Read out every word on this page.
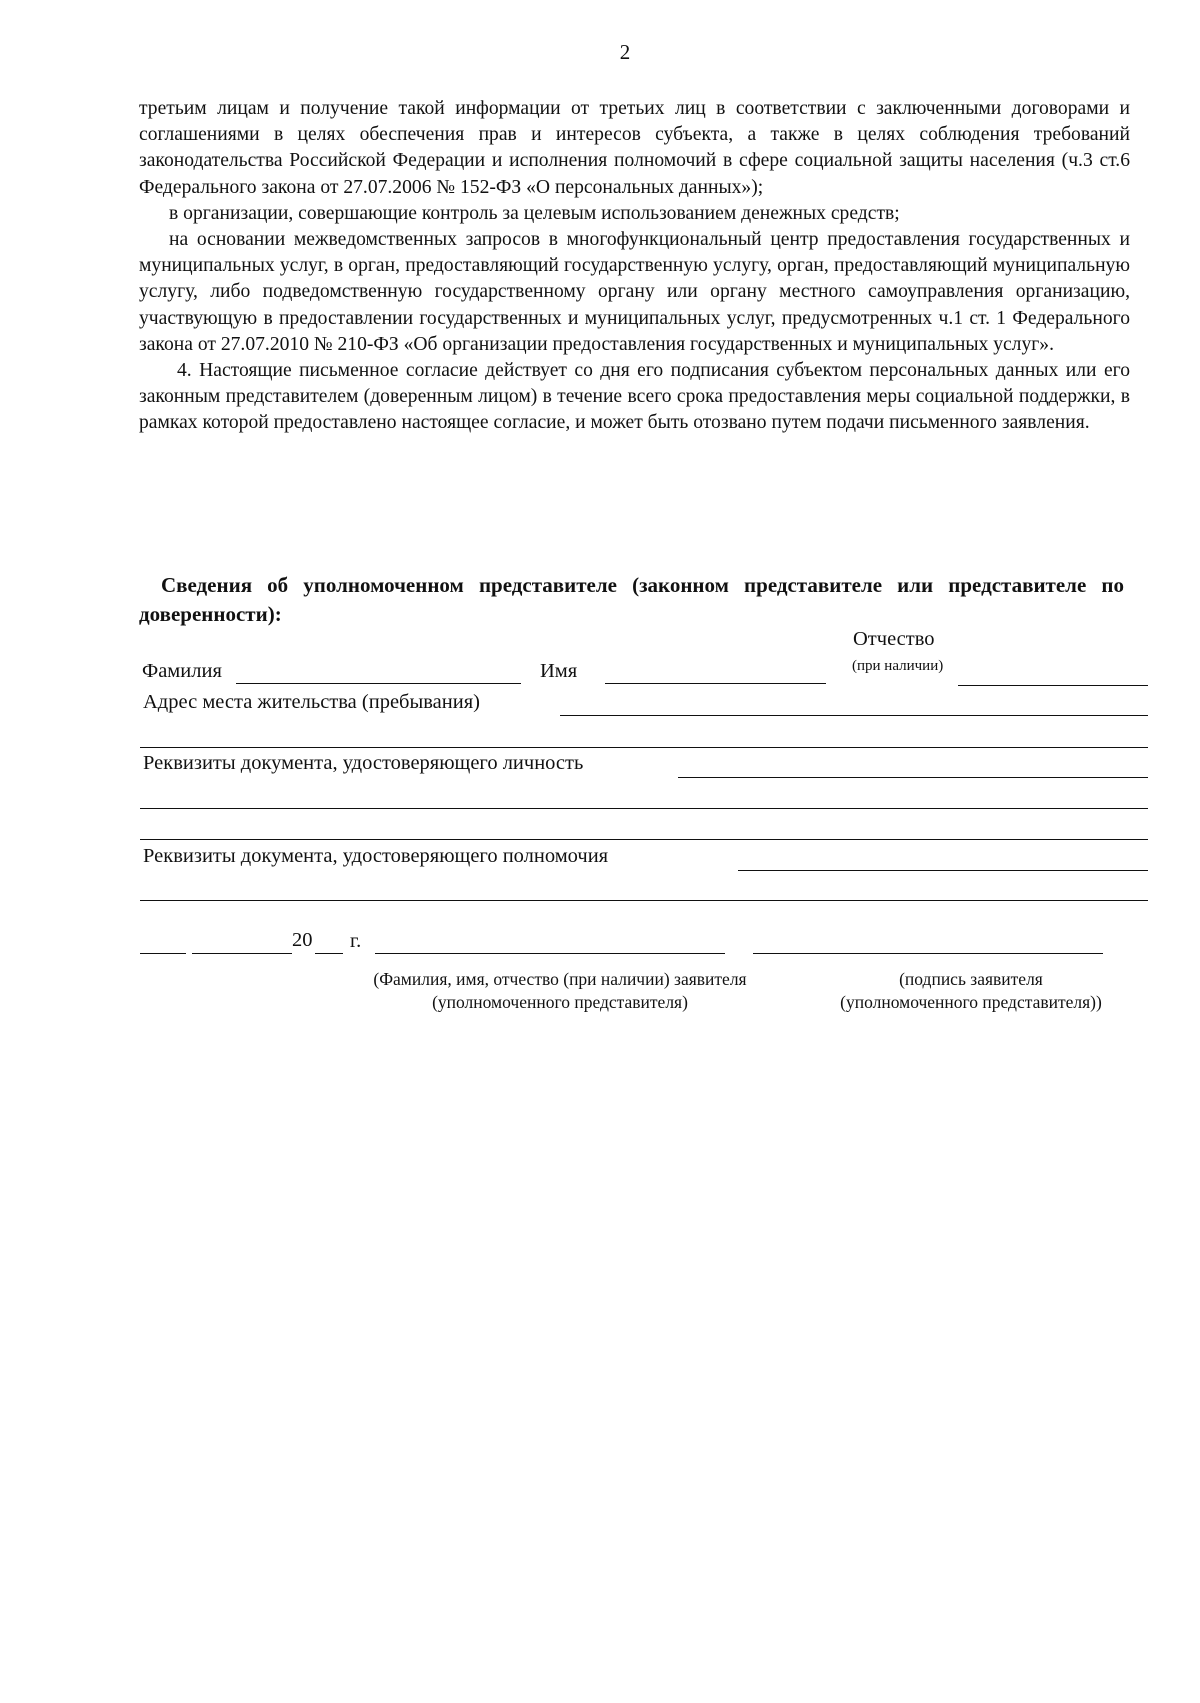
2

третьим лицам и получение такой информации от третьих лиц в соответствии с заключенными договорами и соглашениями в целях обеспечения прав и интересов субъекта, а также в целях соблюдения требований законодательства Российской Федерации и исполнения полномочий в сфере социальной защиты населения (ч.3 ст.6 Федерального закона от 27.07.2006 № 152-ФЗ «О персональных данных»);

в организации, совершающие контроль за целевым использованием денежных средств;

на основании межведомственных запросов в многофункциональный центр предоставления государственных и муниципальных услуг, в орган, предоставляющий государственную услугу, орган, предоставляющий муниципальную услугу, либо подведомственную государственному органу или органу местного самоуправления организацию, участвующую в предоставлении государственных и муниципальных услуг, предусмотренных ч.1 ст. 1 Федерального закона от 27.07.2010 № 210-ФЗ «Об организации предоставления государственных и муниципальных услуг».

4. Настоящие письменное согласие действует со дня его подписания субъектом персональных данных или его законным представителем (доверенным лицом) в течение всего срока предоставления меры социальной поддержки, в рамках которой предоставлено настоящее согласие, и может быть отозвано путем подачи письменного заявления.

Сведения об уполномоченном представителе (законном представителе или представителе по доверенности):
Отчество
(при наличии)
Фамилия	Имя
Адрес места жительства (пребывания)
Реквизиты документа, удостоверяющего личность
Реквизиты документа, удостоверяющего полномочия
20 г.
(Фамилия, имя, отчество (при наличии) заявителя
(уполномоченного представителя)
(подпись заявителя
(уполномоченного представителя))
